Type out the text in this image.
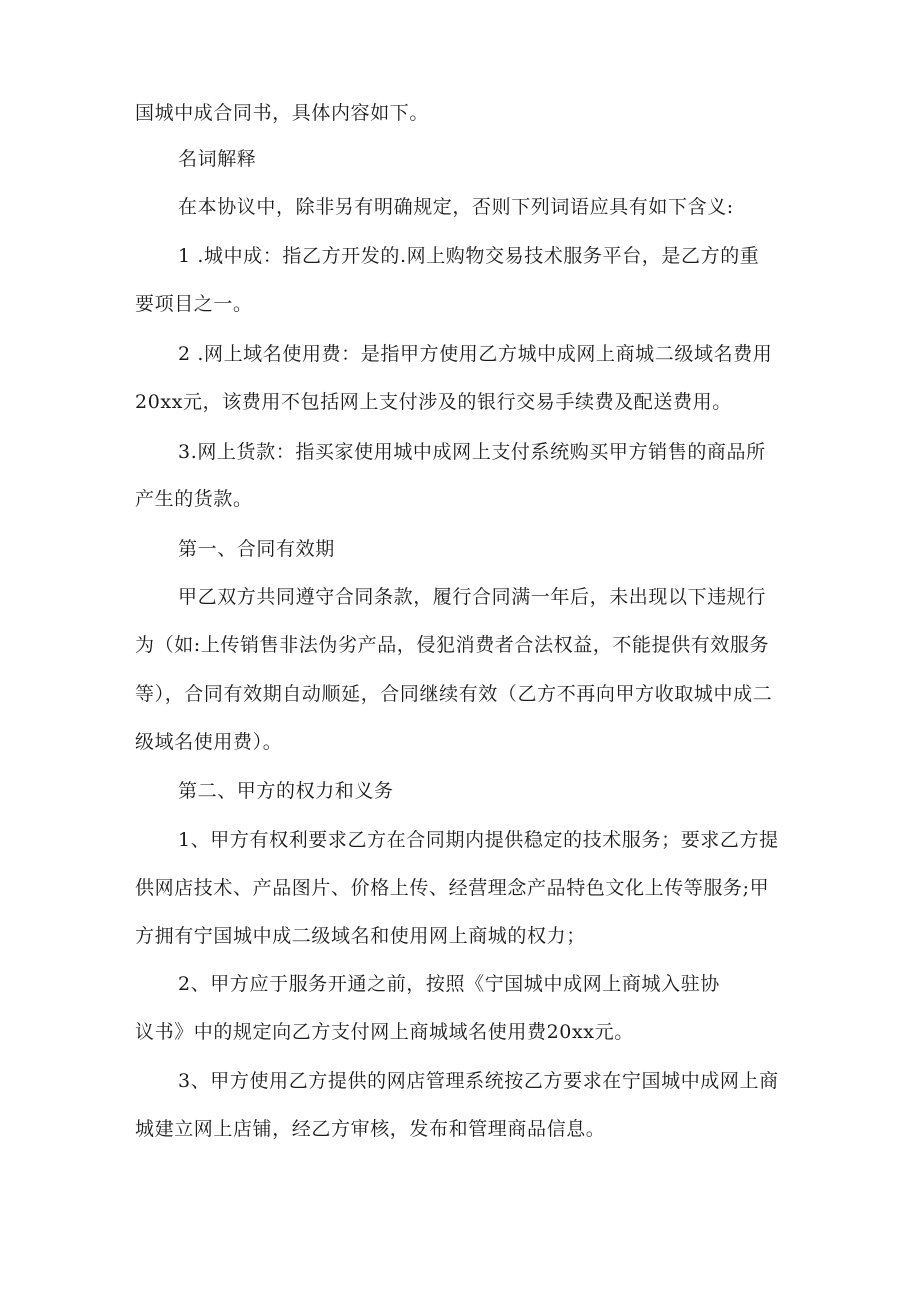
国城中成合同书，具体内容如下。

名词解释

在本协议中，除非另有明确规定，否则下列词语应具有如下含义:

1 .城中成：指乙方开发的.网上购物交易技术服务平台，是乙方的重

要项目之一。

2 .网上域名使用费：是指甲方使用乙方城中成网上商城二级域名费用

20xx元，该费用不包括网上支付涉及的银行交易手续费及配送费用。

3.网上货款：指买家使用城中成网上支付系统购买甲方销售的商品所

产生的货款。

第一、合同有效期

甲乙双方共同遵守合同条款，履行合同满一年后，未出现以下违规行

为（如:上传销售非法伪劣产品，侵犯消费者合法权益，不能提供有效服务

等），合同有效期自动顺延，合同继续有效（乙方不再向甲方收取城中成二

级域名使用费）。

第二、甲方的权力和义务

1、甲方有权利要求乙方在合同期内提供稳定的技术服务；要求乙方提

供网店技术、产品图片、价格上传、经营理念产品特色文化上传等服务;甲

方拥有宁国城中成二级域名和使用网上商城的权力；

2、甲方应于服务开通之前，按照《宁国城中成网上商城入驻协

议书》中的规定向乙方支付网上商城域名使用费20xx元。

3、甲方使用乙方提供的网店管理系统按乙方要求在宁国城中成网上商

城建立网上店铺，经乙方审核，发布和管理商品信息。
